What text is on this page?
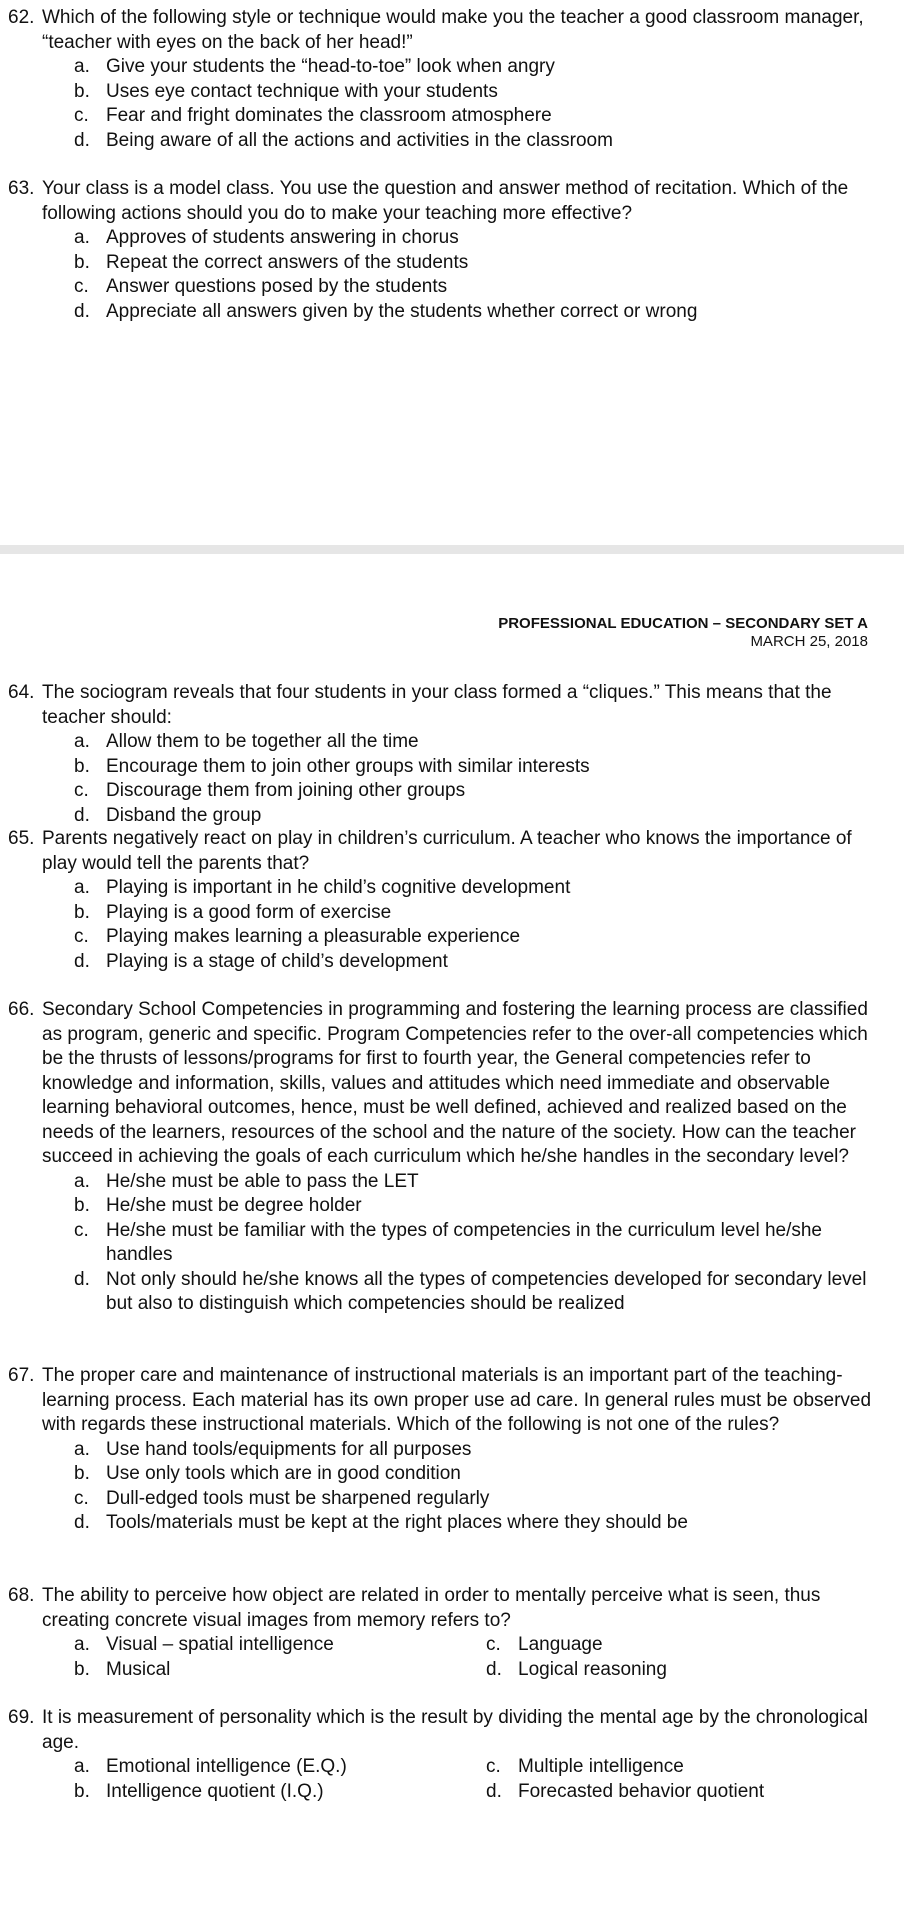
62. Which of the following style or technique would make you the teacher a good classroom manager, “teacher with eyes on the back of her head!”
a. Give your students the “head-to-toe” look when angry
b. Uses eye contact technique with your students
c. Fear and fright dominates the classroom atmosphere
d. Being aware of all the actions and activities in the classroom
63. Your class is a model class. You use the question and answer method of recitation. Which of the following actions should you do to make your teaching more effective?
a. Approves of students answering in chorus
b. Repeat the correct answers of the students
c. Answer questions posed by the students
d. Appreciate all answers given by the students whether correct or wrong
PROFESSIONAL EDUCATION – SECONDARY SET A
MARCH 25, 2018
64. The sociogram reveals that four students in your class formed a “cliques.” This means that the teacher should:
a. Allow them to be together all the time
b. Encourage them to join other groups with similar interests
c. Discourage them from joining other groups
d. Disband the group
65. Parents negatively react on play in children’s curriculum. A teacher who knows the importance of play would tell the parents that?
a. Playing is important in he child’s cognitive development
b. Playing is a good form of exercise
c. Playing makes learning a pleasurable experience
d. Playing is a stage of child’s development
66. Secondary School Competencies in programming and fostering the learning process are classified as program, generic and specific. Program Competencies refer to the over-all competencies which be the thrusts of lessons/programs for first to fourth year, the General competencies refer to knowledge and information, skills, values and attitudes which need immediate and observable learning behavioral outcomes, hence, must be well defined, achieved and realized based on the needs of the learners, resources of the school and the nature of the society. How can the teacher succeed in achieving the goals of each curriculum which he/she handles in the secondary level?
a. He/she must be able to pass the LET
b. He/she must be degree holder
c. He/she must be familiar with the types of competencies in the curriculum level he/she handles
d. Not only should he/she knows all the types of competencies developed for secondary level but also to distinguish which competencies should be realized
67. The proper care and maintenance of instructional materials is an important part of the teaching-learning process. Each material has its own proper use ad care. In general rules must be observed with regards these instructional materials. Which of the following is not one of the rules?
a. Use hand tools/equipments for all purposes
b. Use only tools which are in good condition
c. Dull-edged tools must be sharpened regularly
d. Tools/materials must be kept at the right places where they should be
68. The ability to perceive how object are related in order to mentally perceive what is seen, thus creating concrete visual images from memory refers to?
a. Visual – spatial intelligence	c. Language
b. Musical	d. Logical reasoning
69. It is measurement of personality which is the result by dividing the mental age by the chronological age.
a. Emotional intelligence (E.Q.)	c. Multiple intelligence
b. Intelligence quotient (I.Q.)	d. Forecasted behavior quotient
